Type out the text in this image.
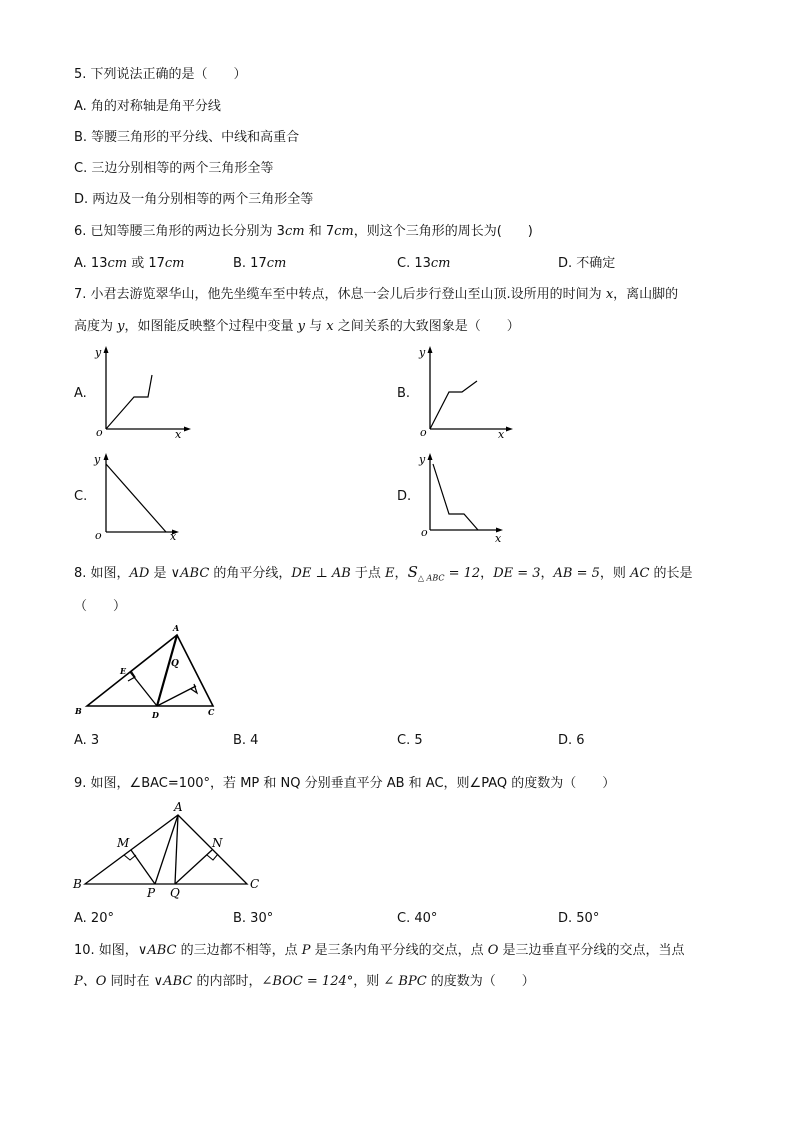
5. 下列说法正确的是（　　）
A. 角的对称轴是角平分线
B. 等腰三角形的平分线、中线和高重合
C. 三边分别相等的两个三角形全等
D. 两边及一角分别相等的两个三角形全等
6. 已知等腰三角形的两边长分别为 3cm 和 7cm，则这个三角形的周长为(　　)
A. 13cm 或 17cm	B. 17cm	C. 13cm	D. 不确定
7. 小君去游览翠华山，他先坐缆车至中转点，休息一会儿后步行登山至山顶.设所用的时间为 x，离山脚的
高度为 y，如图能反映整个过程中变量 y 与 x 之间关系的大致图象是（　　）
A.	B.
C.	D.
y
o	x
y
o	x
y
o	x
y
o	x
8. 如图，AD 是 ∨ABC 的角平分线，DE ⊥ AB 于点 E，$S_{\triangle ABC} = 12$，DE = 3，AB = 5，则 AC 的长是
（　　）
A
E
Q
B	D	C
A. 3	B. 4	C. 5	D. 6
9. 如图，∠BAC=100°，若 MP 和 NQ 分别垂直平分 AB 和 AC，则∠PAQ 的度数为（　　）
A
M	N
B
P Q
C
A. 20°	B. 30°	C. 40°	D. 50°
10. 如图，∨ABC 的三边都不相等，点 P 是三条内角平分线的交点，点 O 是三边垂直平分线的交点，当点
P、O 同时在 ∨ABC 的内部时，∠BOC = 124°，则 ∠ BPC 的度数为（　　）
